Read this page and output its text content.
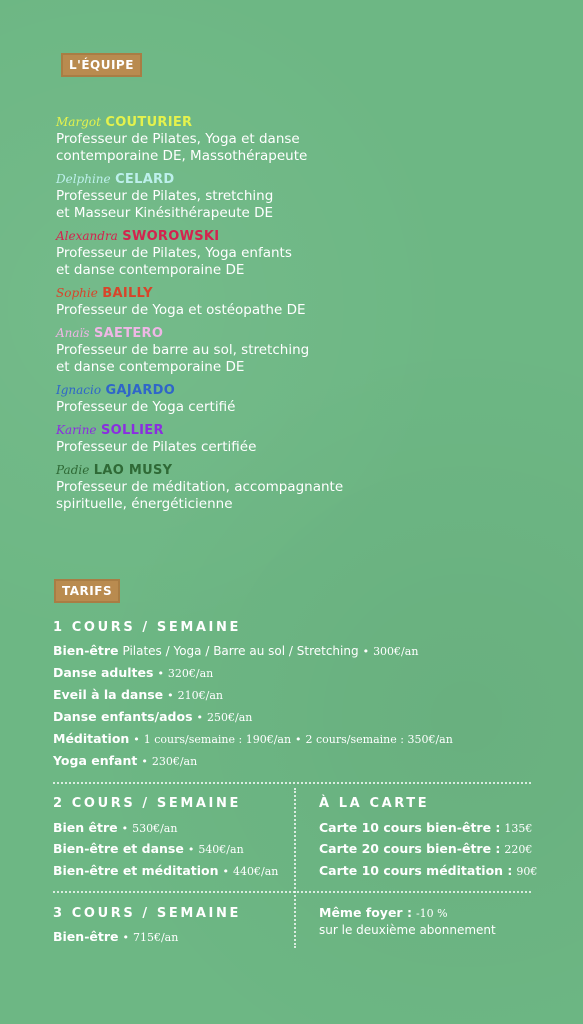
L'ÉQUIPE
Margot COUTURIER
Professeur de Pilates, Yoga et danse
contemporaine DE, Massothérapeute
Delphine CELARD
Professeur de Pilates, stretching
et Masseur Kinésithérapeute DE
Alexandra SWOROWSKI
Professeur de Pilates, Yoga enfants
et danse contemporaine DE
Sophie BAILLY
Professeur de Yoga et ostéopathe DE
Anaïs SAETERO
Professeur de barre au sol, stretching
et danse contemporaine DE
Ignacio GAJARDO
Professeur de Yoga certifié
Karine SOLLIER
Professeur de Pilates certifiée
Padie LAO MUSY
Professeur de méditation, accompagnante
spirituelle, énergéticienne
TARIFS
1 COURS / SEMAINE
Bien-être Pilates / Yoga / Barre au sol / Stretching • 300€/an
Danse adultes • 320€/an
Eveil à la danse • 210€/an
Danse enfants/ados • 250€/an
Méditation • 1 cours/semaine : 190€/an • 2 cours/semaine : 350€/an
Yoga enfant • 230€/an
2 COURS / SEMAINE
Bien être • 530€/an
Bien-être et danse • 540€/an
Bien-être et méditation • 440€/an
À LA CARTE
Carte 10 cours bien-être : 135€
Carte 20 cours bien-être : 220€
Carte 10 cours méditation : 90€
3 COURS / SEMAINE
Bien-être • 715€/an
Même foyer : -10 %
sur le deuxième abonnement
